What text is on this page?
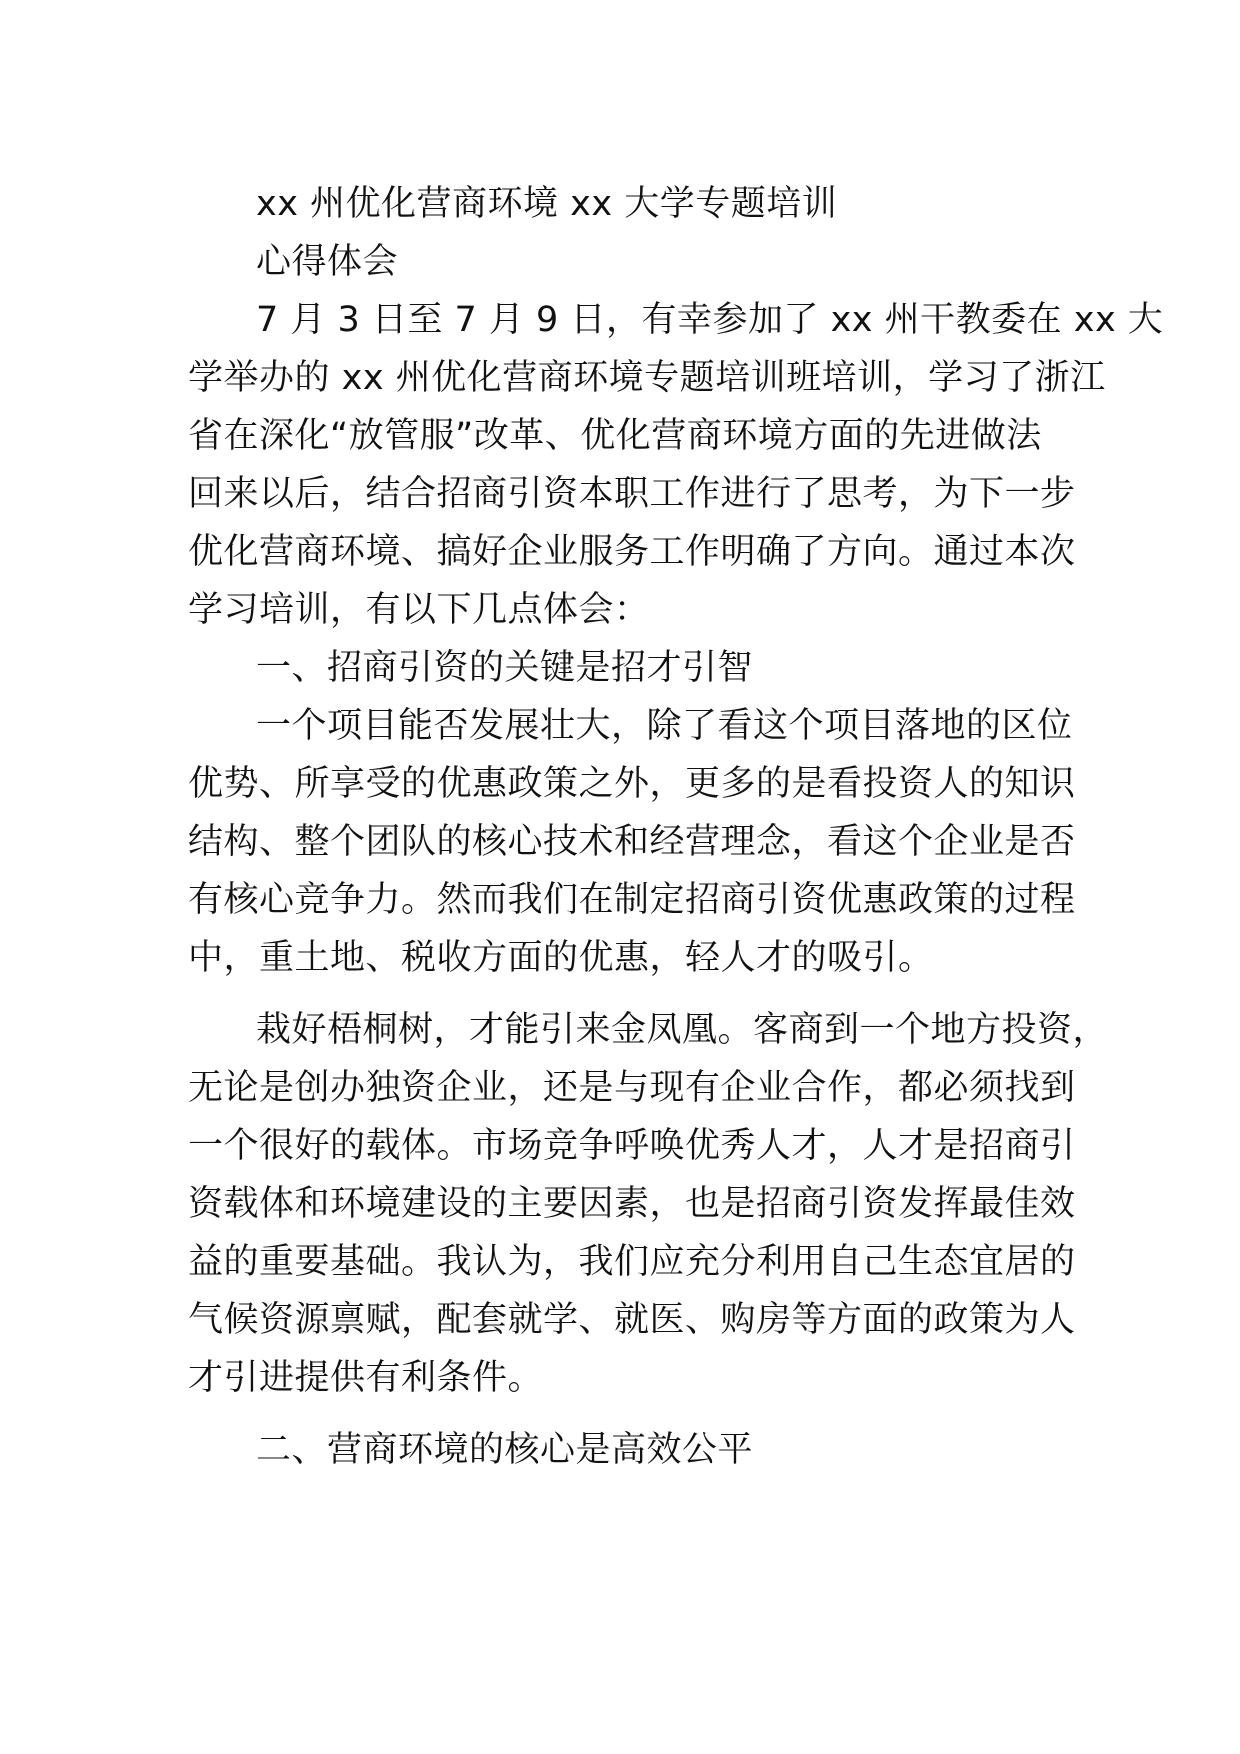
xx 州优化营商环境 xx 大学专题培训

心得体会

7 月 3 日至 7 月 9 日，有幸参加了 xx 州干教委在 xx 大

学举办的 xx 州优化营商环境专题培训班培训，学习了浙江

省在深化“放管服”改革、优化营商环境方面的先进做法

回来以后，结合招商引资本职工作进行了思考，为下一步

优化营商环境、搞好企业服务工作明确了方向。通过本次

学习培训，有以下几点体会：

一、招商引资的关键是招才引智

一个项目能否发展壮大，除了看这个项目落地的区位

优势、所享受的优惠政策之外，更多的是看投资人的知识

结构、整个团队的核心技术和经营理念，看这个企业是否

有核心竞争力。然而我们在制定招商引资优惠政策的过程

中，重土地、税收方面的优惠，轻人才的吸引。

栽好梧桐树，才能引来金凤凰。客商到一个地方投资，

无论是创办独资企业，还是与现有企业合作，都必须找到

一个很好的载体。市场竞争呼唤优秀人才，人才是招商引

资载体和环境建设的主要因素，也是招商引资发挥最佳效

益的重要基础。我认为，我们应充分利用自己生态宜居的

气候资源禀赋，配套就学、就医、购房等方面的政策为人

才引进提供有利条件。

二、营商环境的核心是高效公平
